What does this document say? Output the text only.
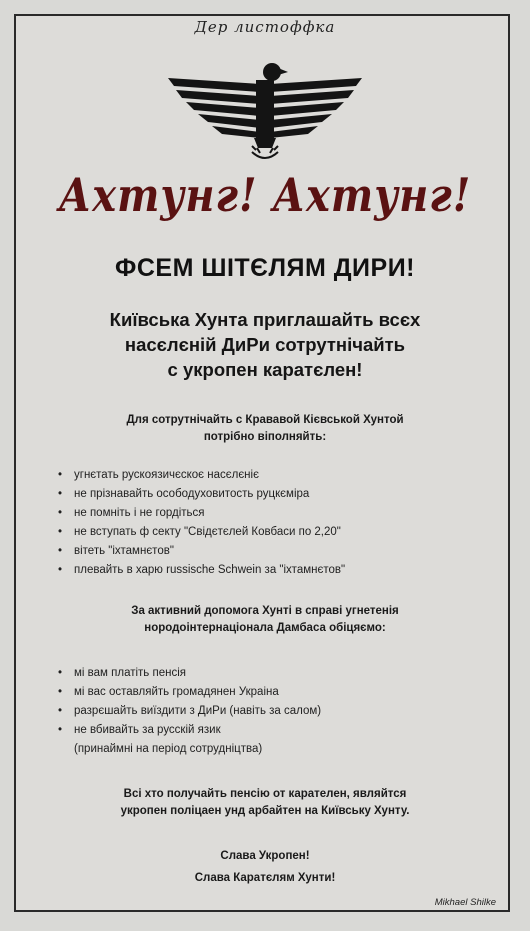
Дер листоффка
Ахтунг! Ахтунг!
ФСЕМ ШІТЄЛЯМ ДИРИ!
Київська Хунта приглашайть всєх
насєлєній ДиРи сотрутнічайть
с укропен каратєлен!
Для сотрутнічайть с Крававой Кієвськой Хунтой
потрібно віполняйть:
• угнєтать рускоязичєскоє насєлєніє
• не прізнавайть осободуховитость руцкєміра
• не помніть і не гордіться
• не вступать ф секту "Свідєтєлей Ковбаси по 2,20"
• вітеть "іхтамнєтов"
• плевайть в харю russische Schwein за "іхтамнєтов"
За активний допомога Хунті в справі угнетенія
нородоінтернаціонала Дамбаса обіцяємо:
• мі вам платіть пенсія
• мі вас оставляйть громадянен Украіна
• разрєшайть виїздити з ДиРи (навіть за салом)
• не вбивайть за русскій язик
(принаймні на період сотрудніцтва)
Всі хто получайть пенсію от карателен, являйтся
укропен поліцаен унд арбайтен на Київську Хунту.
Слава Укропен!
Слава Каратєлям Хунти!
Mikhael Shilke
